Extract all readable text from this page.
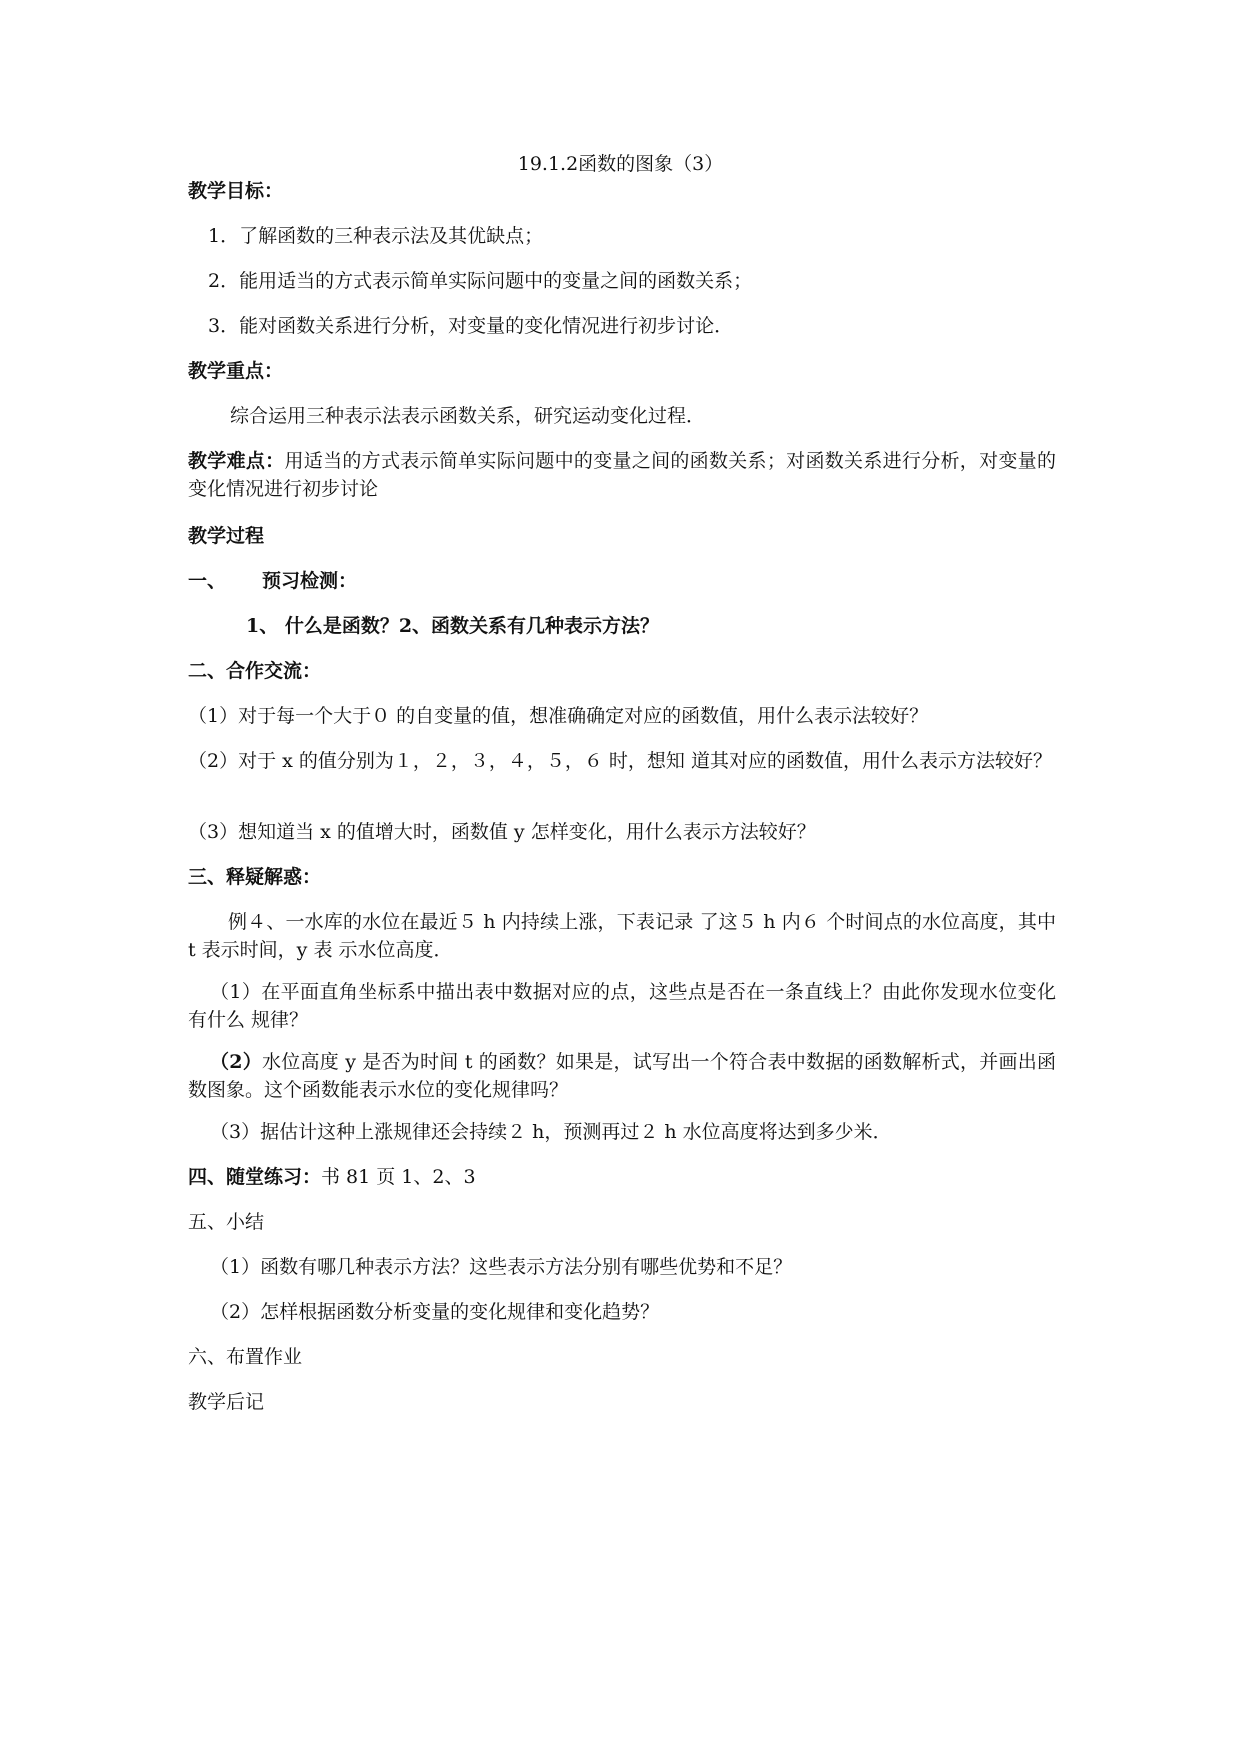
19.1.2函数的图象（3）

教学目标：

1．了解函数的三种表示法及其优缺点；

2．能用适当的方式表示简单实际问题中的变量之间的函数关系；

3．能对函数关系进行分析，对变量的变化情况进行初步讨论．

教学重点：

综合运用三种表示法表示函数关系，研究运动变化过程．

教学难点：用适当的方式表示简单实际问题中的变量之间的函数关系；对函数关系进行分析，对变量的变化情况进行初步讨论

教学过程

一、 预习检测：

1、 什么是函数？2、函数关系有几种表示方法？

二、合作交流：

（1）对于每一个大于０ 的自变量的值，想准确确定对应的函数值，用什么表示法较好？

（2）对于 x 的值分别为１，２，３，４，５，６ 时，想知 道其对应的函数值，用什么表示方法较好？

（3）想知道当 x 的值增大时，函数值 y 怎样变化，用什么表示方法较好？

三、释疑解惑：

例４、一水库的水位在最近５ h 内持续上涨，下表记录 了这５ h 内６ 个时间点的水位高度，其中 t 表示时间，y 表 示水位高度．

（1）在平面直角坐标系中描出表中数据对应的点，这些点是否在一条直线上？由此你发现水位变化有什么 规律？

（2）水位高度 y 是否为时间 t 的函数？如果是，试写出一个符合表中数据的函数解析式，并画出函数图象。这个函数能表示水位的变化规律吗？

（3）据估计这种上涨规律还会持续２ h，预测再过２ h 水位高度将达到多少米．

四、随堂练习：书 81 页 1、2、3

五、小结

（1）函数有哪几种表示方法？这些表示方法分别有哪些优势和不足？

（2）怎样根据函数分析变量的变化规律和变化趋势？

六、布置作业

教学后记
